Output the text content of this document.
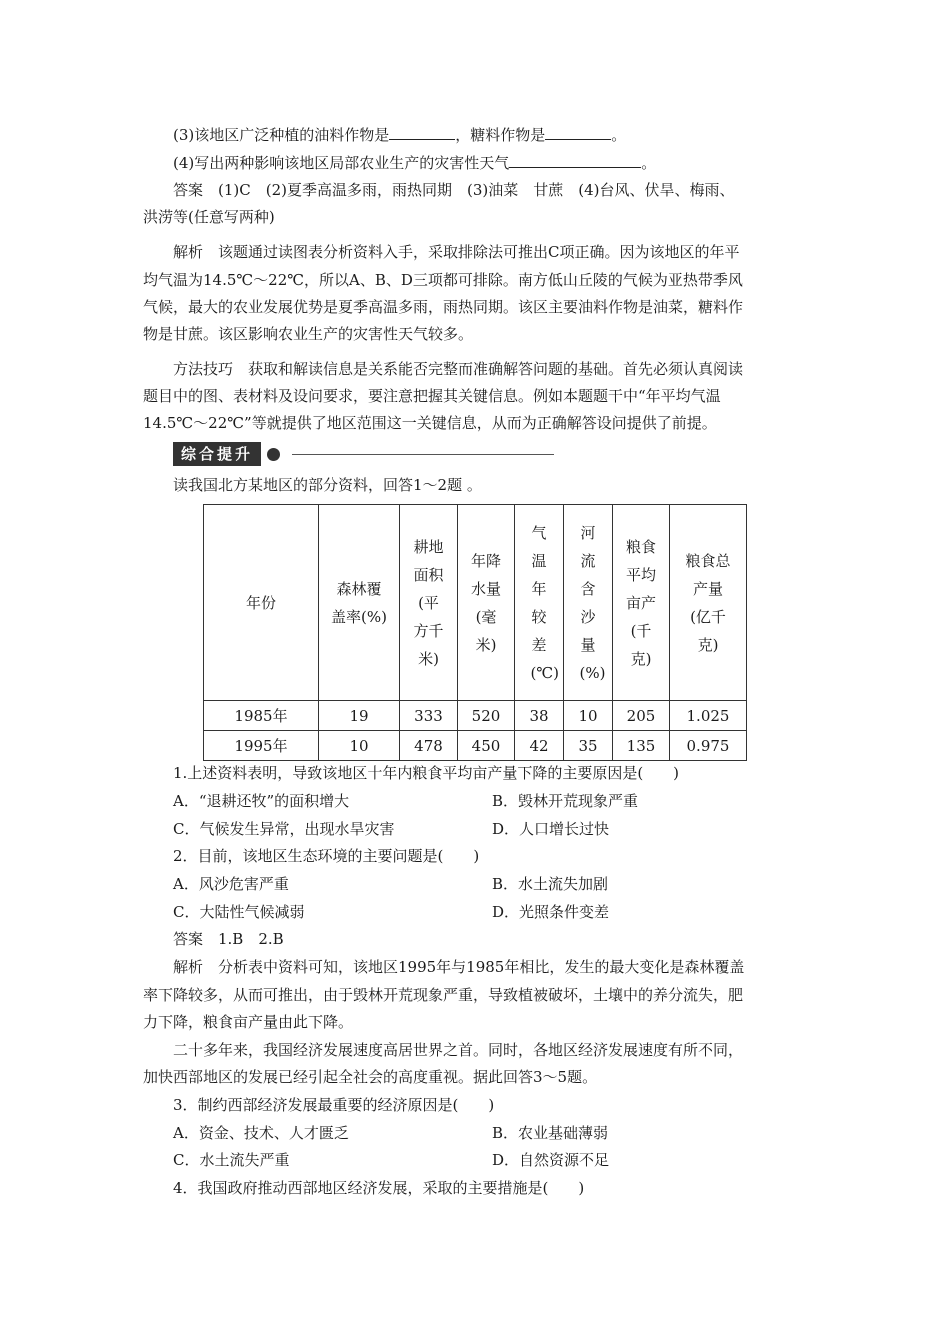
(3)该地区广泛种植的油料作物是	，糖料作物是	。
(4)写出两种影响该地区局部农业生产的灾害性天气	。
答案　(1)C　(2)夏季高温多雨，雨热同期　(3)油菜　甘蔗　(4)台风、伏旱、梅雨、
洪涝等(任意写两种)
解析　该题通过读图表分析资料入手，采取排除法可推出C项正确。因为该地区的年平
均气温为14.5℃～22℃，所以A、B、D三项都可排除。南方低山丘陵的气候为亚热带季风
气候，最大的农业发展优势是夏季高温多雨，雨热同期。该区主要油料作物是油菜，糖料作
物是甘蔗。该区影响农业生产的灾害性天气较多。
方法技巧　获取和解读信息是关系能否完整而准确解答问题的基础。首先必须认真阅读
题目中的图、表材料及设问要求，要注意把握其关键信息。例如本题题干中“年平均气温
14.5℃～22℃”等就提供了地区范围这一关键信息，从而为正确解答设问提供了前提。
综合提升
读我国北方某地区的部分资料，回答1～2题 。
年份	森林覆盖率(%)	耕地面积(平方千米)	年降水量(毫米)	气温年较差(℃)	河流含沙量(%)	粮食平均亩产(千克)	粮食总产量(亿千克)

1985年	19	333	520	38	10	205	1.025
1995年	10	478	450	42	35	135	0.975
1.上述资料表明，导致该地区十年内粮食平均亩产量下降的主要原因是(　　)
A．“退耕还牧”的面积增大	B．毁林开荒现象严重
C．气候发生异常，出现水旱灾害	D．人口增长过快
2．目前，该地区生态环境的主要问题是(　　)
A．风沙危害严重	B．水土流失加剧
C．大陆性气候减弱	D．光照条件变差
答案　1.B　2.B
解析　分析表中资料可知，该地区1995年与1985年相比，发生的最大变化是森林覆盖
率下降较多，从而可推出，由于毁林开荒现象严重，导致植被破坏，土壤中的养分流失，肥
力下降，粮食亩产量由此下降。
二十多年来，我国经济发展速度高居世界之首。同时，各地区经济发展速度有所不同，
加快西部地区的发展已经引起全社会的高度重视。据此回答3～5题。
3．制约西部经济发展最重要的经济原因是(　　)
A．资金、技术、人才匮乏	B．农业基础薄弱
C．水土流失严重	D．自然资源不足
4．我国政府推动西部地区经济发展，采取的主要措施是(　　)
